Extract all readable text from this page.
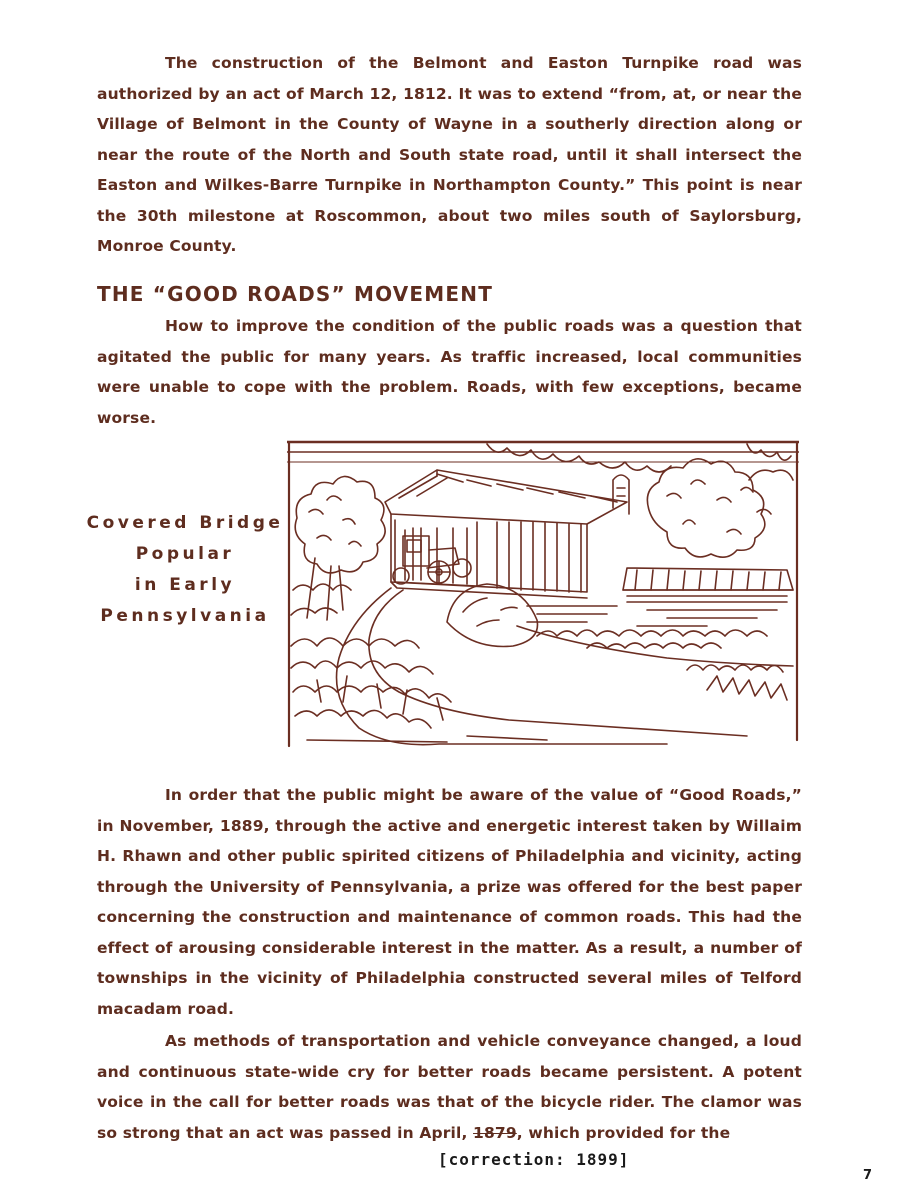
The construction of the Belmont and Easton Turnpike road was authorized by an act of March 12, 1812. It was to extend “from, at, or near the Village of Belmont in the County of Wayne in a southerly direction along or near the route of the North and South state road, until it shall intersect the Easton and Wilkes-Barre Turnpike in Northampton County.” This point is near the 30th milestone at Roscommon, about two miles south of Saylorsburg, Monroe County.

THE “GOOD ROADS” MOVEMENT

How to improve the condition of the public roads was a question that agitated the public for many years. As traffic increased, local communities were unable to cope with the problem. Roads, with few exceptions, became worse.

Covered Bridge
Popular
in Early
Pennsylvania

In order that the public might be aware of the value of “Good Roads,” in November, 1889, through the active and energetic interest taken by Willaim H. Rhawn and other public spirited citizens of Philadelphia and vicinity, acting through the University of Pennsylvania, a prize was offered for the best paper concerning the construction and maintenance of common roads. This had the effect of arousing considerable interest in the matter. As a result, a number of townships in the vicinity of Philadelphia constructed several miles of Telford macadam road.

As methods of transportation and vehicle conveyance changed, a loud and continuous state-wide cry for better roads became persistent. A potent voice in the call for better roads was that of the bicycle rider. The clamor was so strong that an act was passed in April, 1879, which provided for the

[correction: 1899]
7
